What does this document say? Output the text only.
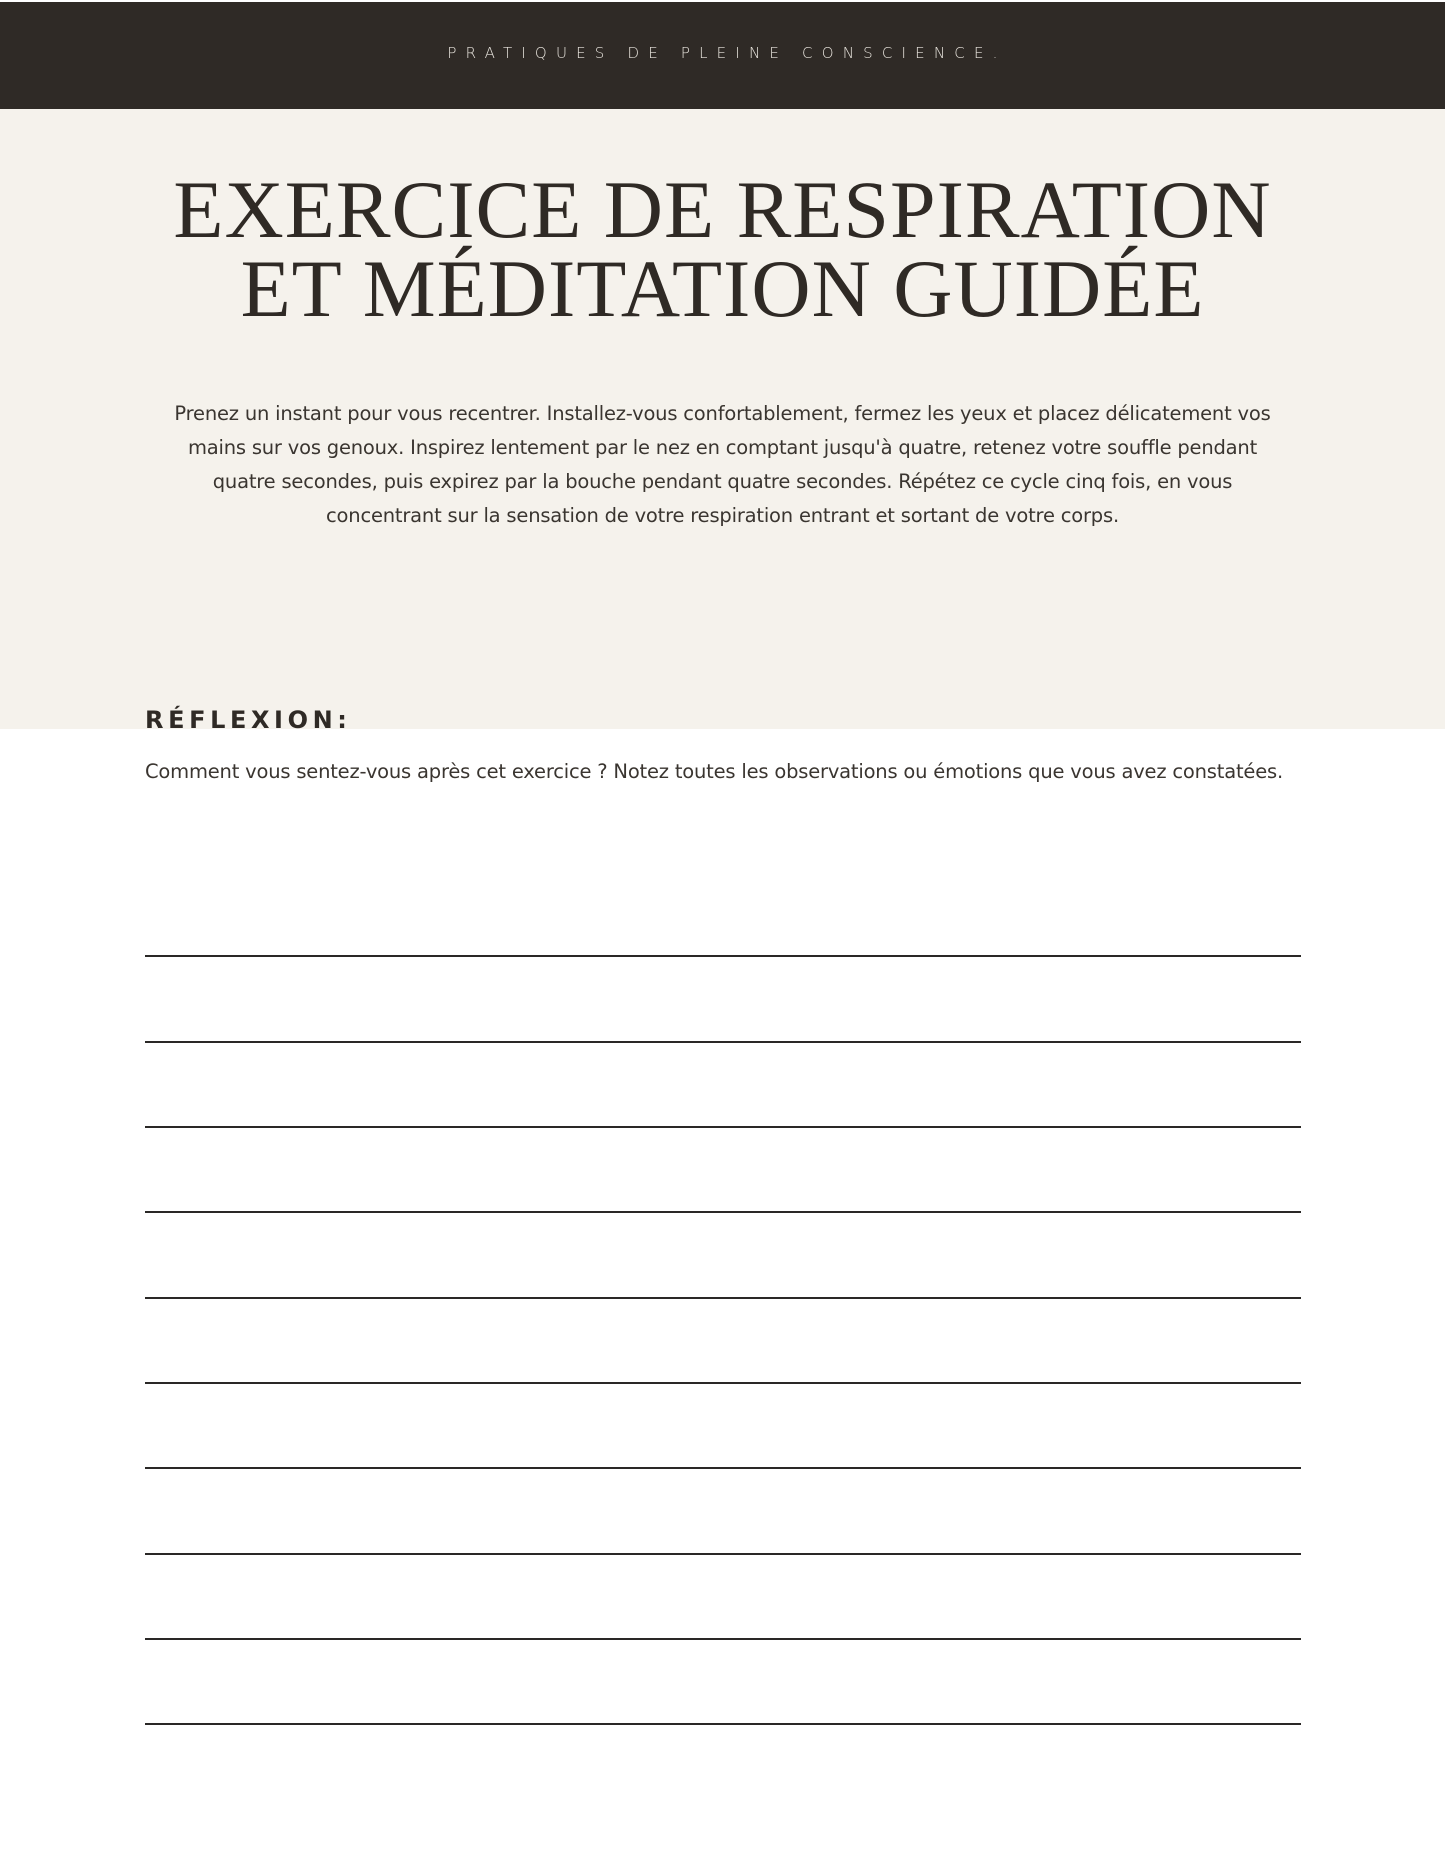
PRATIQUES DE PLEINE CONSCIENCE.
EXERCICE DE RESPIRATION
ET MÉDITATION GUIDÉE

Prenez un instant pour vous recentrer. Installez-vous confortablement, fermez les yeux et placez délicatement vos mains sur vos genoux. Inspirez lentement par le nez en comptant jusqu'à quatre, retenez votre souffle pendant quatre secondes, puis expirez par la bouche pendant quatre secondes. Répétez ce cycle cinq fois, en vous concentrant sur la sensation de votre respiration entrant et sortant de votre corps.

RÉFLEXION:

Comment vous sentez-vous après cet exercice ? Notez toutes les observations ou émotions que vous avez constatées.
